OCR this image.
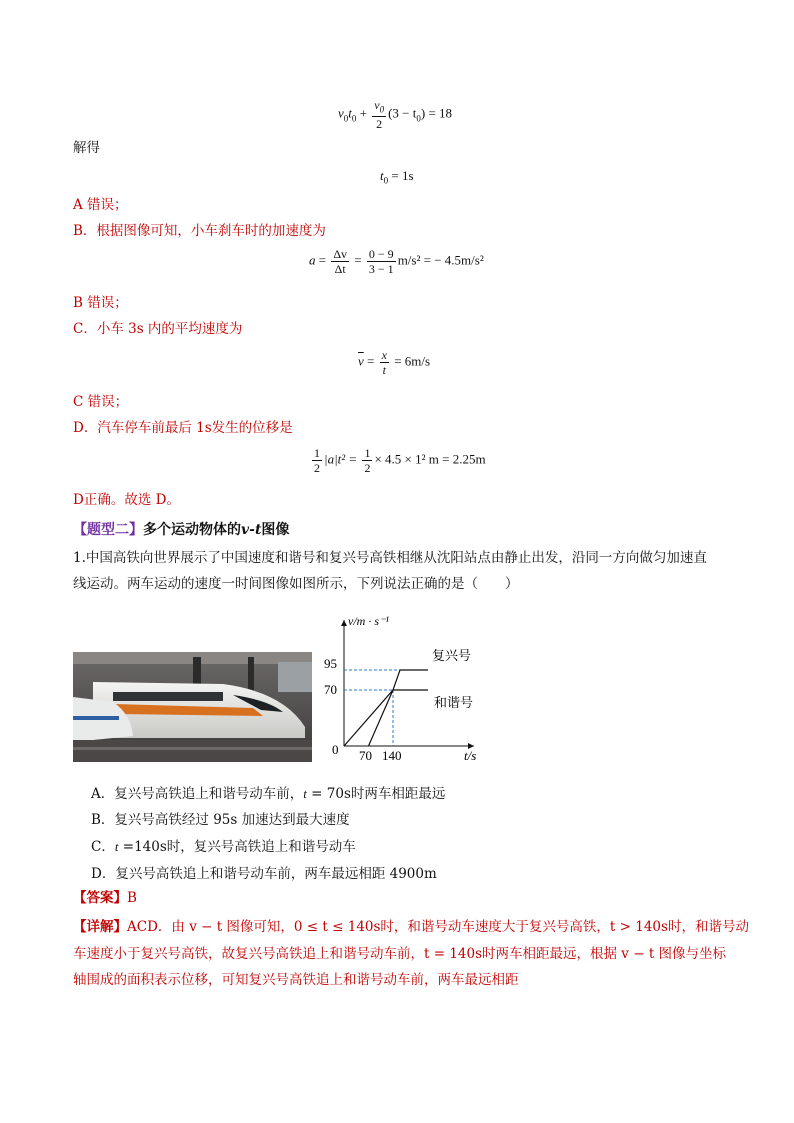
$v_0t_0 + \frac{v_0}{2} (3 - t_0) = 18$
解得
$t_0 = 1s$
A 错误；
B．根据图像可知，小车刹车时的加速度为
$a = \frac{\Delta v}{\Delta t} = \frac{0 - 9}{3 - 1} m/s^2$ = − 4.5m/s²
B 错误；
C．小车 3s 内的平均速度为
$\overline{v} = \frac{x}{t} = 6m/s$
C 错误；
D．汽车停车前最后 1s发生的位移是
$\frac{1}{2} |a|t^2 = \frac{1}{2} \times 4.5 \times 1^2$ m = 2.25m
D正确。故选 D。
【题型二】多个运动物体的v-t图像
1.中国高铁向世界展示了中国速度和谐号和复兴号高铁相继从沈阳站点由静止出发，沿同一方向做匀加速直
线运动。两车运动的速度一时间图像如图所示，下列说法正确的是（　　）
v/m · s⁻¹
t/s
95
70
0 70 140
复兴号
和谐号
A．复兴号高铁追上和谐号动车前，t = 70s时两车相距最远
B．复兴号高铁经过 95s 加速达到最大速度
C．t =140s时，复兴号高铁追上和谐号动车
D．复兴号高铁追上和谐号动车前，两车最远相距 4900m
【答案】B
【详解】ACD．由 v − t 图像可知，0 ≤ t ≤ 140s时，和谐号动车速度大于复兴号高铁，t > 140s时，和谐号动
车速度小于复兴号高铁，故复兴号高铁追上和谐号动车前，t = 140s时两车相距最远，根据 v − t 图像与坐标
轴围成的面积表示位移，可知复兴号高铁追上和谐号动车前，两车最远相距
